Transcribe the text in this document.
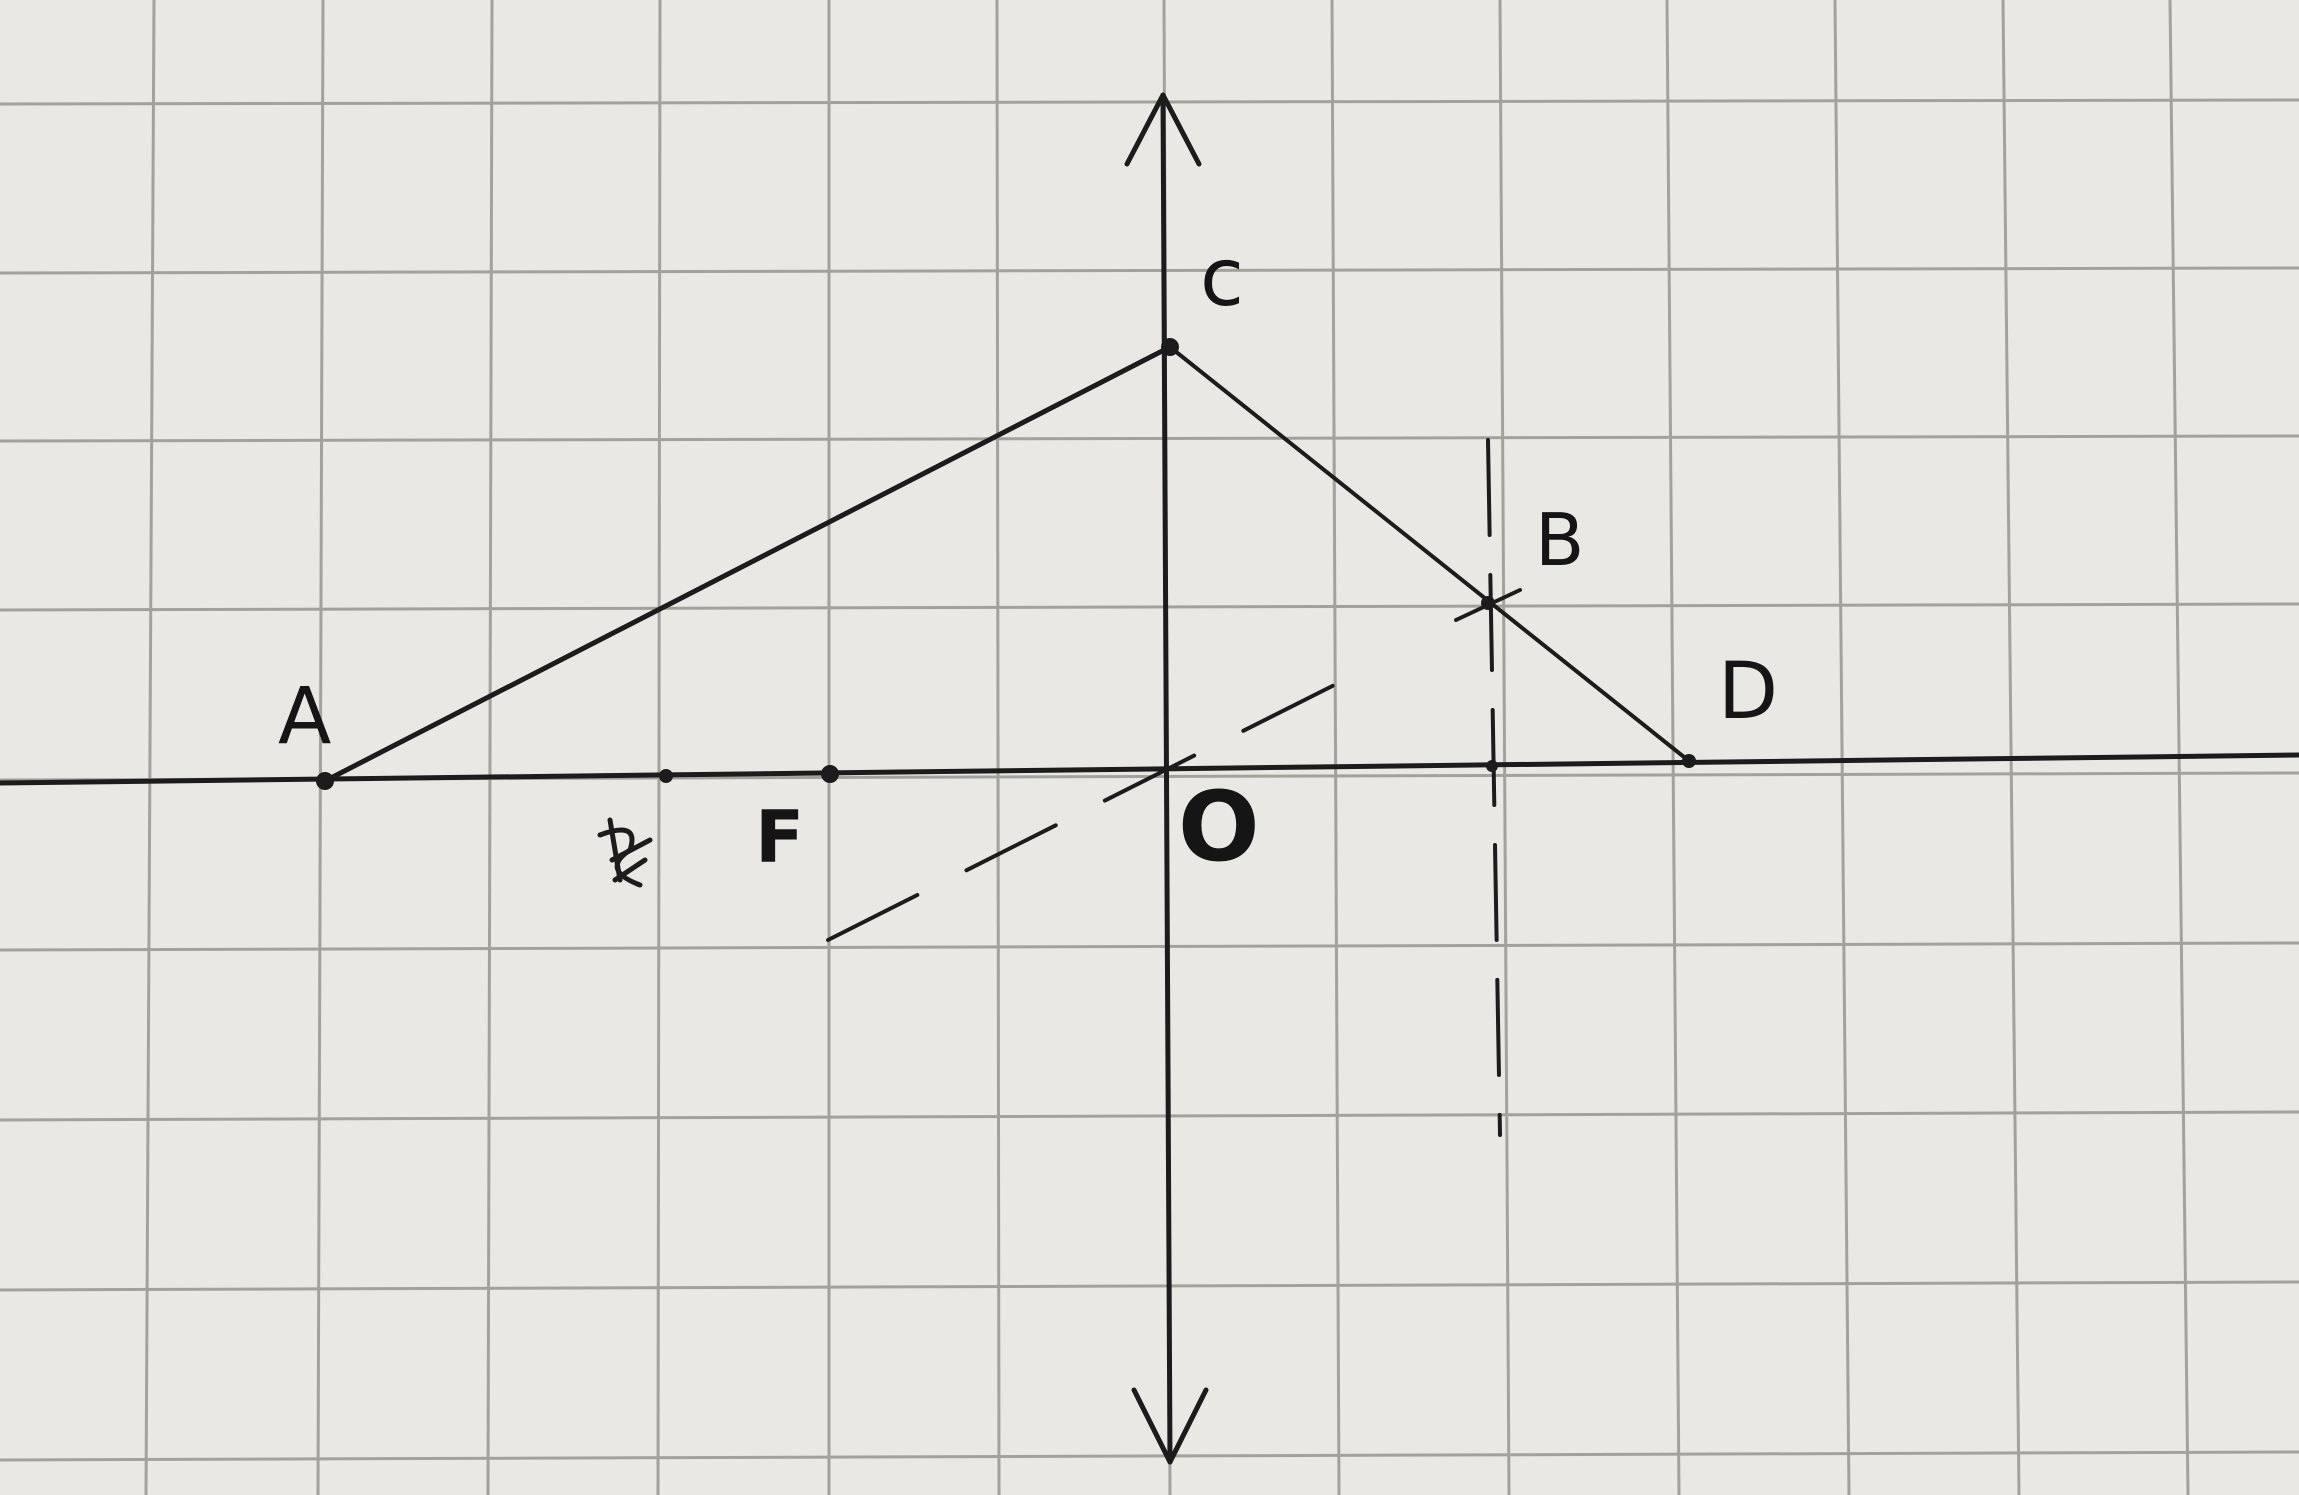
A
c
B
D
O
F
